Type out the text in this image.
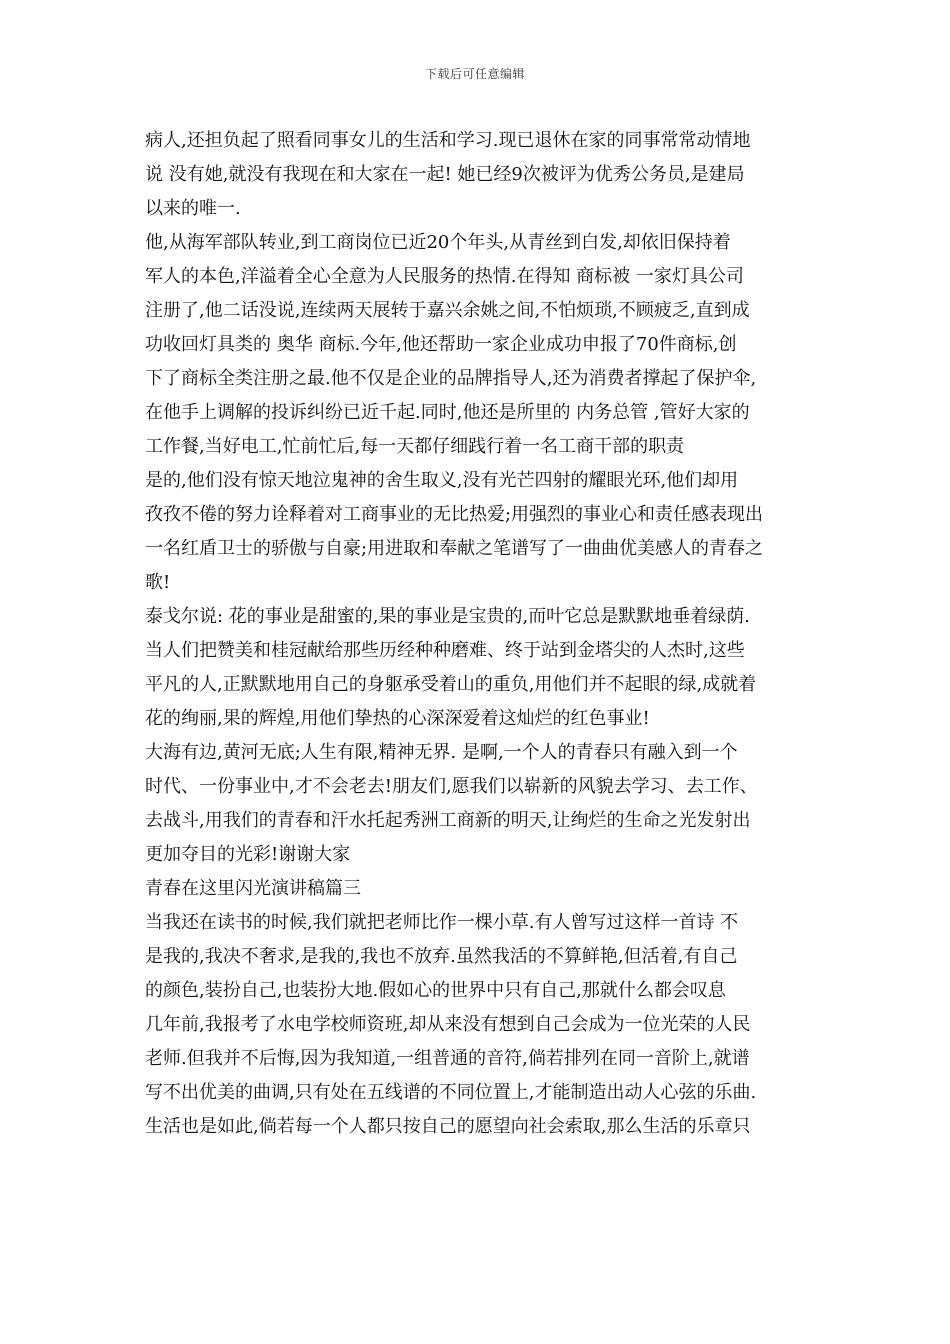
下载后可任意编辑
病人,还担负起了照看同事女儿的生活和学习.现已退休在家的同事常常动情地
说 没有她,就没有我现在和大家在一起! 她已经9次被评为优秀公务员,是建局
以来的唯一.
他,从海军部队转业,到工商岗位已近20个年头,从青丝到白发,却依旧保持着
军人的本色,洋溢着全心全意为人民服务的热情.在得知 商标被 一家灯具公司
注册了,他二话没说,连续两天展转于嘉兴余姚之间,不怕烦琐,不顾疲乏,直到成
功收回灯具类的 奥华 商标.今年,他还帮助一家企业成功申报了70件商标,创
下了商标全类注册之最.他不仅是企业的品牌指导人,还为消费者撑起了保护伞,
在他手上调解的投诉纠纷已近千起.同时,他还是所里的 内务总管 ,管好大家的
工作餐,当好电工,忙前忙后,每一天都仔细践行着一名工商干部的职责
是的,他们没有惊天地泣鬼神的舍生取义,没有光芒四射的耀眼光环,他们却用
孜孜不倦的努力诠释着对工商事业的无比热爱;用强烈的事业心和责任感表现出
一名红盾卫士的骄傲与自豪;用进取和奉献之笔谱写了一曲曲优美感人的青春之
歌!
泰戈尔说: 花的事业是甜蜜的,果的事业是宝贵的,而叶它总是默默地垂着绿荫.
当人们把赞美和桂冠献给那些历经种种磨难、终于站到金塔尖的人杰时,这些
平凡的人,正默默地用自己的身躯承受着山的重负,用他们并不起眼的绿,成就着
花的绚丽,果的辉煌,用他们挚热的心深深爱着这灿烂的红色事业!
大海有边,黄河无底;人生有限,精神无界. 是啊,一个人的青春只有融入到一个
时代、一份事业中,才不会老去!朋友们,愿我们以崭新的风貌去学习、去工作、
去战斗,用我们的青春和汗水托起秀洲工商新的明天,让绚烂的生命之光发射出
更加夺目的光彩!谢谢大家
青春在这里闪光演讲稿篇三
当我还在读书的时候,我们就把老师比作一棵小草.有人曾写过这样一首诗 不
是我的,我决不奢求,是我的,我也不放弃.虽然我活的不算鲜艳,但活着,有自己
的颜色,装扮自己,也装扮大地.假如心的世界中只有自己,那就什么都会叹息
几年前,我报考了水电学校师资班,却从来没有想到自己会成为一位光荣的人民
老师.但我并不后悔,因为我知道,一组普通的音符,倘若排列在同一音阶上,就谱
写不出优美的曲调,只有处在五线谱的不同位置上,才能制造出动人心弦的乐曲.
生活也是如此,倘若每一个人都只按自己的愿望向社会索取,那么生活的乐章只
